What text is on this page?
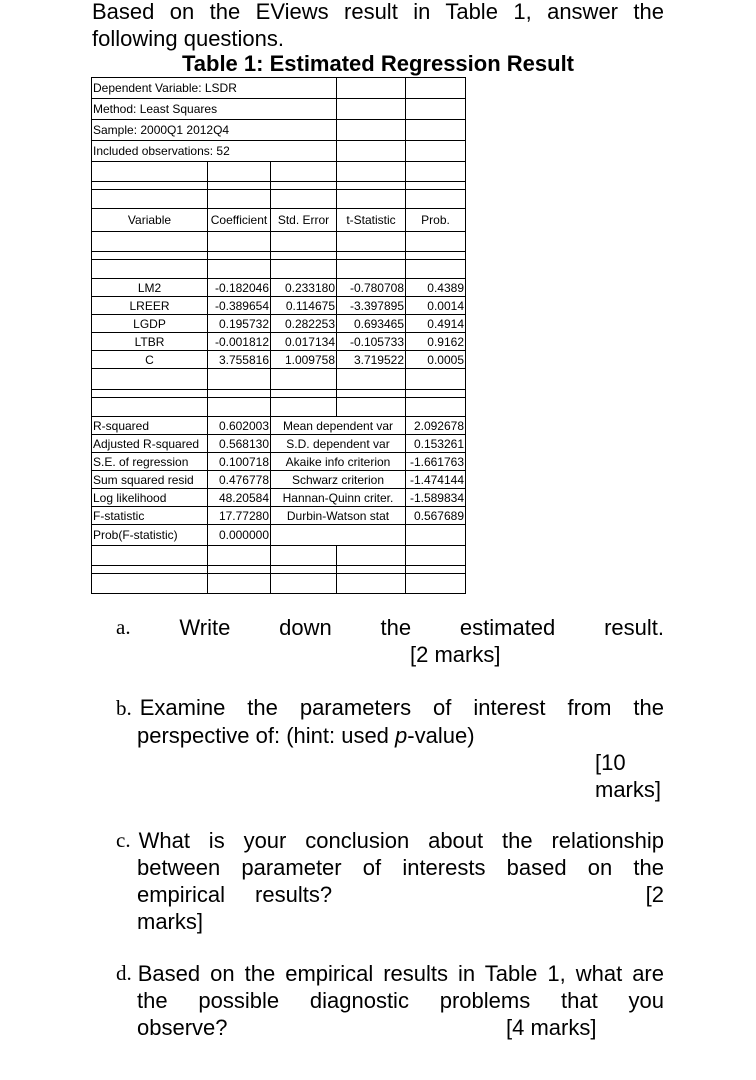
Based on the EViews result in Table 1, answer the
following questions.
Table 1: Estimated Regression Result
Dependent Variable: LSDR				
Method: Least Squares				
Sample: 2000Q1 2012Q4				
Included observations: 52				

Variable	Coefficient	Std. Error	t-Statistic	Prob.

LM2	-0.182046	0.233180	-0.780708	0.4389
LREER	-0.389654	0.114675	-3.397895	0.0014
LGDP	0.195732	0.282253	0.693465	0.4914
LTBR	-0.001812	0.017134	-0.105733	0.9162
C	3.755816	1.009758	3.719522	0.0005

R-squared	0.602003	Mean dependent var		2.092678
Adjusted R-squared	0.568130	S.D. dependent var		0.153261
S.E. of regression	0.100718	Akaike info criterion		-1.661763
Sum squared resid	0.476778	Schwarz criterion		-1.474144
Log likelihood	48.20584	Hannan-Quinn criter.		-1.589834
F-statistic	17.77280	Durbin-Watson stat		0.567689
Prob(F-statistic)	0.000000			

a. Write down the estimated result.
[2 marks]
b. Examine the parameters of interest from the
perspective of: (hint: used p-value)
[10
marks]
c. What is your conclusion about the relationship
between parameter of interests based on the
empirical results?	[2
marks]
d. Based on the empirical results in Table 1, what are
the possible diagnostic problems that you
observe?	[4 marks]
